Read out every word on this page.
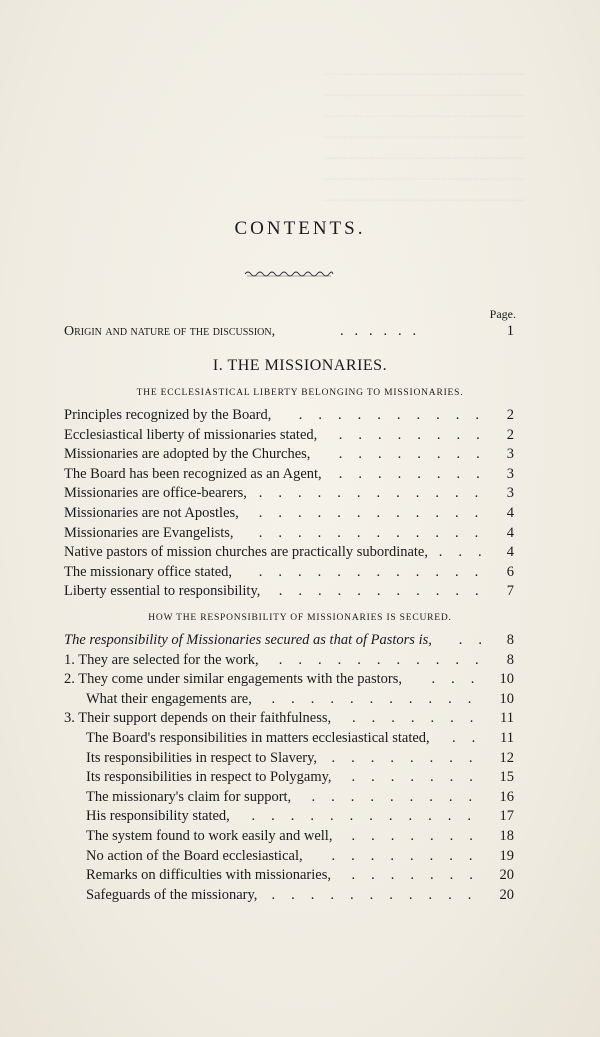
..............................................................
..............................................................
..............................................................
..............................................................
..............................................................
..............................................................
..............................................................
CONTENTS.
Page.
Origin and nature of the discussion,	.   .   .   .   .   .	1
I. THE MISSIONARIES.
THE ECCLESIASTICAL LIBERTY BELONGING TO MISSIONARIES.
Principles recognized by the Board,	2
..........
Ecclesiastical liberty of missionaries stated,	2
........
Missionaries are adopted by the Churches,	3
........
The Board has been recognized as an Agent,	3
........
Missionaries are office-bearers,	3
............
Missionaries are not Apostles,	4
............
Missionaries are Evangelists,	4
............
Native pastors of mission churches are practically subordinate,	4
...
The missionary office stated,	6
............
Liberty essential to responsibility,	7
...........
HOW THE RESPONSIBILITY OF MISSIONARIES IS SECURED.
The responsibility of Missionaries secured as that of Pastors is,	8
..
1. They are selected for the work,	8
...........
2. They come under similar engagements with the pastors,	10
...
What their engagements are,	10
...........
3. Their support depends on their faithfulness,	11
.......
The Board's responsibilities in matters ecclesiastical stated,	11
..
Its responsibilities in respect to Slavery,	12
........
Its responsibilities in respect to Polygamy,	15
.......
The missionary's claim for support,	16
.........
His responsibility stated,	17
............
The system found to work easily and well,	18
.......
No action of the Board ecclesiastical,	19
........
Remarks on difficulties with missionaries,	20
.......
Safeguards of the missionary,	20
...........
